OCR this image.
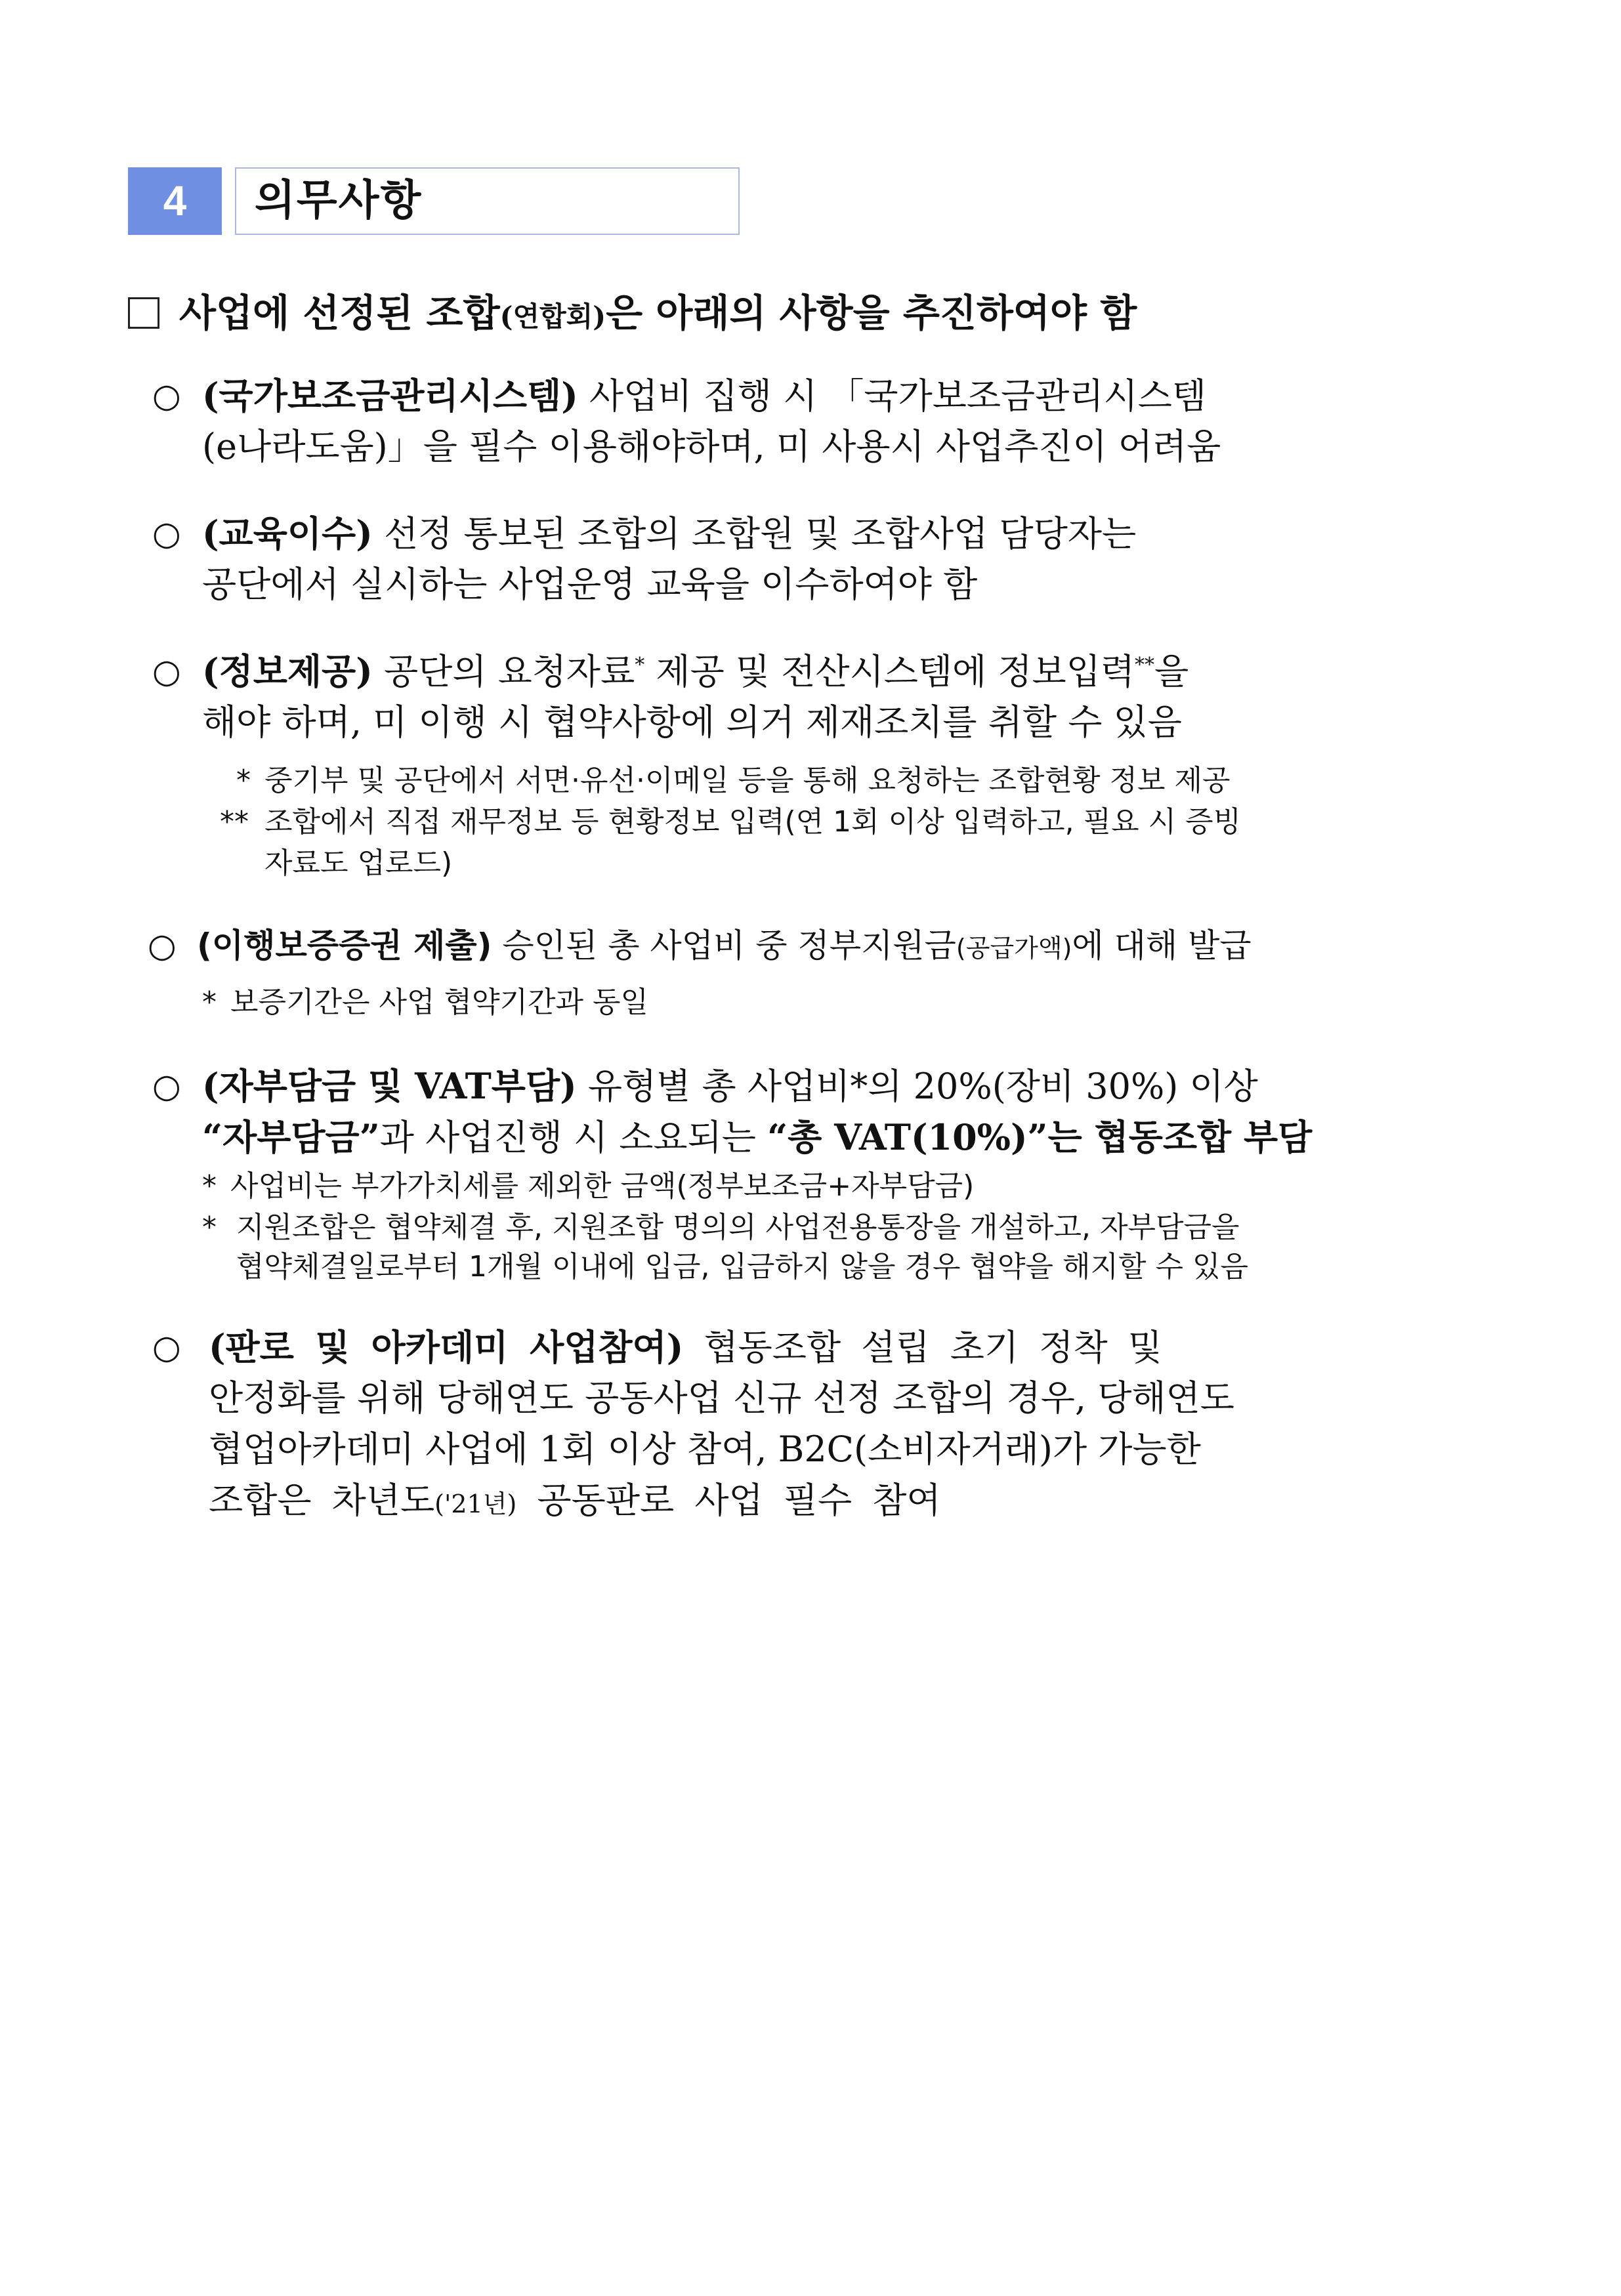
4	의무사항
사업에 선정된 조합(연합회)은 아래의 사항을 추진하여야 함
○ (국가보조금관리시스템) 사업비 집행 시 「국가보조금관리시스템
(e나라도움)」을 필수 이용해야하며, 미 사용시 사업추진이 어려움
○ (교육이수) 선정 통보된 조합의 조합원 및 조합사업 담당자는
공단에서 실시하는 사업운영 교육을 이수하여야 함
○ (정보제공) 공단의 요청자료* 제공 및 전산시스템에 정보입력**을
해야 하며, 미 이행 시 협약사항에 의거 제재조치를 취할 수 있음
* 중기부 및 공단에서 서면·유선·이메일 등을 통해 요청하는 조합현황 정보 제공
** 조합에서 직접 재무정보 등 현황정보 입력(연 1회 이상 입력하고, 필요 시 증빙
자료도 업로드)
○ (이행보증증권 제출) 승인된 총 사업비 중 정부지원금(공급가액)에 대해 발급
* 보증기간은 사업 협약기간과 동일
○ (자부담금 및 VAT부담) 유형별 총 사업비*의 20%(장비 30%) 이상
“자부담금”과 사업진행 시 소요되는 “총 VAT(10%)”는 협동조합 부담
* 사업비는 부가가치세를 제외한 금액(정부보조금+자부담금)
* 지원조합은 협약체결 후, 지원조합 명의의 사업전용통장을 개설하고, 자부담금을
협약체결일로부터 1개월 이내에 입금, 입금하지 않을 경우 협약을 해지할 수 있음
○ (판로 및 아카데미 사업참여) 협동조합 설립 초기 정착 및
안정화를 위해 당해연도 공동사업 신규 선정 조합의 경우, 당해연도
협업아카데미 사업에 1회 이상 참여, B2C(소비자거래)가 가능한
조합은 차년도('21년) 공동판로 사업 필수 참여
